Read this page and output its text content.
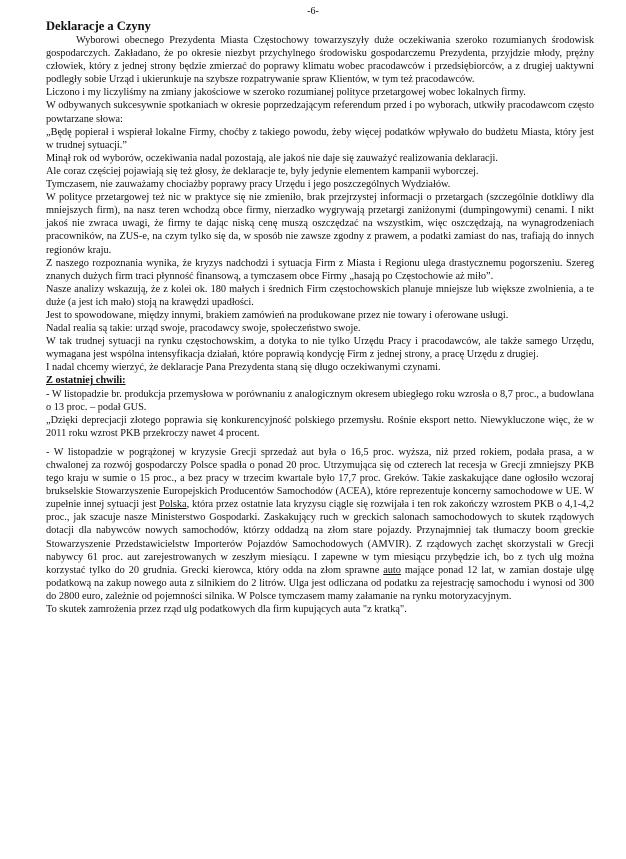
-6-
Deklaracje a Czyny

Wyborowi obecnego Prezydenta Miasta Częstochowy towarzyszyły duże oczekiwania szeroko rozumianych środowisk gospodarczych. Zakładano, że po okresie niezbyt przychylnego środowisku gospodarczemu Prezydenta, przyjdzie młody, prężny człowiek, który z jednej strony będzie zmierzać do poprawy klimatu wobec pracodawców i przedsiębiorców, a z drugiej uaktywni podległy sobie Urząd i ukierunkuje na szybsze rozpatrywanie spraw Klientów, w tym też pracodawców.

Liczono i my liczyliśmy na zmiany jakościowe w szeroko rozumianej polityce przetargowej wobec lokalnych firmy.

W odbywanych sukcesywnie spotkaniach w okresie poprzedzającym referendum przed i po wyborach, utkwiły pracodawcom często powtarzane słowa:

„Będę popierał i wspierał lokalne Firmy, choćby z takiego powodu, żeby więcej podatków wpływało do budżetu Miasta, który jest w trudnej sytuacji.”

Minął rok od wyborów, oczekiwania nadal pozostają, ale jakoś nie daje się zauważyć realizowania deklaracji.

Ale coraz częściej pojawiają się też głosy, że deklaracje te, były jedynie elementem kampanii wyborczej.

Tymczasem, nie zauważamy chociażby poprawy pracy Urzędu i jego poszczególnych Wydziałów.

W polityce przetargowej też nic w praktyce się nie zmieniło, brak przejrzystej informacji o przetargach (szczególnie dotkliwy dla mniejszych firm), na nasz teren wchodzą obce firmy, nierzadko wygrywają przetargi zaniżonymi (dumpingowymi) cenami. I nikt jakoś nie zwraca uwagi, że firmy te dając niską cenę muszą oszczędzać na wszystkim, więc oszczędzają, na wynagrodzeniach pracowników, na ZUS-e, na czym tylko się da, w sposób nie zawsze zgodny z prawem, a podatki zamiast do nas, trafiają do innych regionów kraju.

Z naszego rozpoznania wynika, że kryzys nadchodzi i sytuacja Firm z Miasta i Regionu ulega drastycznemu pogorszeniu. Szereg znanych dużych firm traci płynność finansową, a tymczasem obce Firmy „hasają po Częstochowie aż miło”.

Nasze analizy wskazują, że z kolei ok. 180 małych i średnich Firm częstochowskich planuje mniejsze lub większe zwolnienia, a te duże (a jest ich mało) stoją na krawędzi upadłości.

Jest to spowodowane, między innymi, brakiem zamówień na produkowane przez nie towary i oferowane usługi.

Nadal realia są takie: urząd swoje, pracodawcy swoje, społeczeństwo swoje.

W tak trudnej sytuacji na rynku częstochowskim, a dotyka to nie tylko Urzędu Pracy i pracodawców, ale także samego Urzędu, wymagana jest wspólna intensyfikacja działań, które poprawią kondycję Firm z jednej strony, a pracę Urzędu z drugiej.

I nadal chcemy wierzyć, że deklaracje Pana Prezydenta staną się długo oczekiwanymi czynami.

Z ostatniej chwili:

- W listopadzie br. produkcja przemysłowa w porównaniu z analogicznym okresem ubiegłego roku wzrosła o 8,7 proc., a budowlana o 13 proc. – podał GUS.

„Dzięki deprecjacji złotego poprawia się konkurencyjność polskiego przemysłu. Rośnie eksport netto. Niewykluczone więc, że w 2011 roku wzrost PKB przekroczy nawet 4 procent.

- W listopadzie w pogrążonej w kryzysie Grecji sprzedaż aut była o 16,5 proc. wyższa, niż przed rokiem, podała prasa, a w chwalonej za rozwój gospodarczy Polsce spadła o ponad 20 proc. Utrzymująca się od czterech lat recesja w Grecji zmniejszy PKB tego kraju w sumie o 15 proc., a bez pracy w trzecim kwartale było 17,7 proc. Greków. Takie zaskakujące dane ogłosiło wczoraj brukselskie Stowarzyszenie Europejskich Producentów Samochodów (ACEA), które reprezentuje koncerny samochodowe w UE. W zupełnie innej sytuacji jest Polska, która przez ostatnie lata kryzysu ciągle się rozwijała i ten rok zakończy wzrostem PKB o 4,1-4,2 proc., jak szacuje nasze Ministerstwo Gospodarki. Zaskakujący ruch w greckich salonach samochodowych to skutek rządowych dotacji dla nabywców nowych samochodów, którzy oddadzą na złom stare pojazdy. Przynajmniej tak tłumaczy boom greckie Stowarzyszenie Przedstawicielstw Importerów Pojazdów Samochodowych (AMVIR). Z rządowych zachęt skorzystali w Grecji nabywcy 61 proc. aut zarejestrowanych w zeszłym miesiącu. I zapewne w tym miesiącu przybędzie ich, bo z tych ulg można korzystać tylko do 20 grudnia. Grecki kierowca, który odda na złom sprawne auto mające ponad 12 lat, w zamian dostaje ulgę podatkową na zakup nowego auta z silnikiem do 2 litrów. Ulga jest odliczana od podatku za rejestrację samochodu i wynosi od 300 do 2800 euro, zależnie od pojemności silnika. W Polsce tymczasem mamy załamanie na rynku motoryzacyjnym.

To skutek zamrożenia przez rząd ulg podatkowych dla firm kupujących auta "z kratką".
